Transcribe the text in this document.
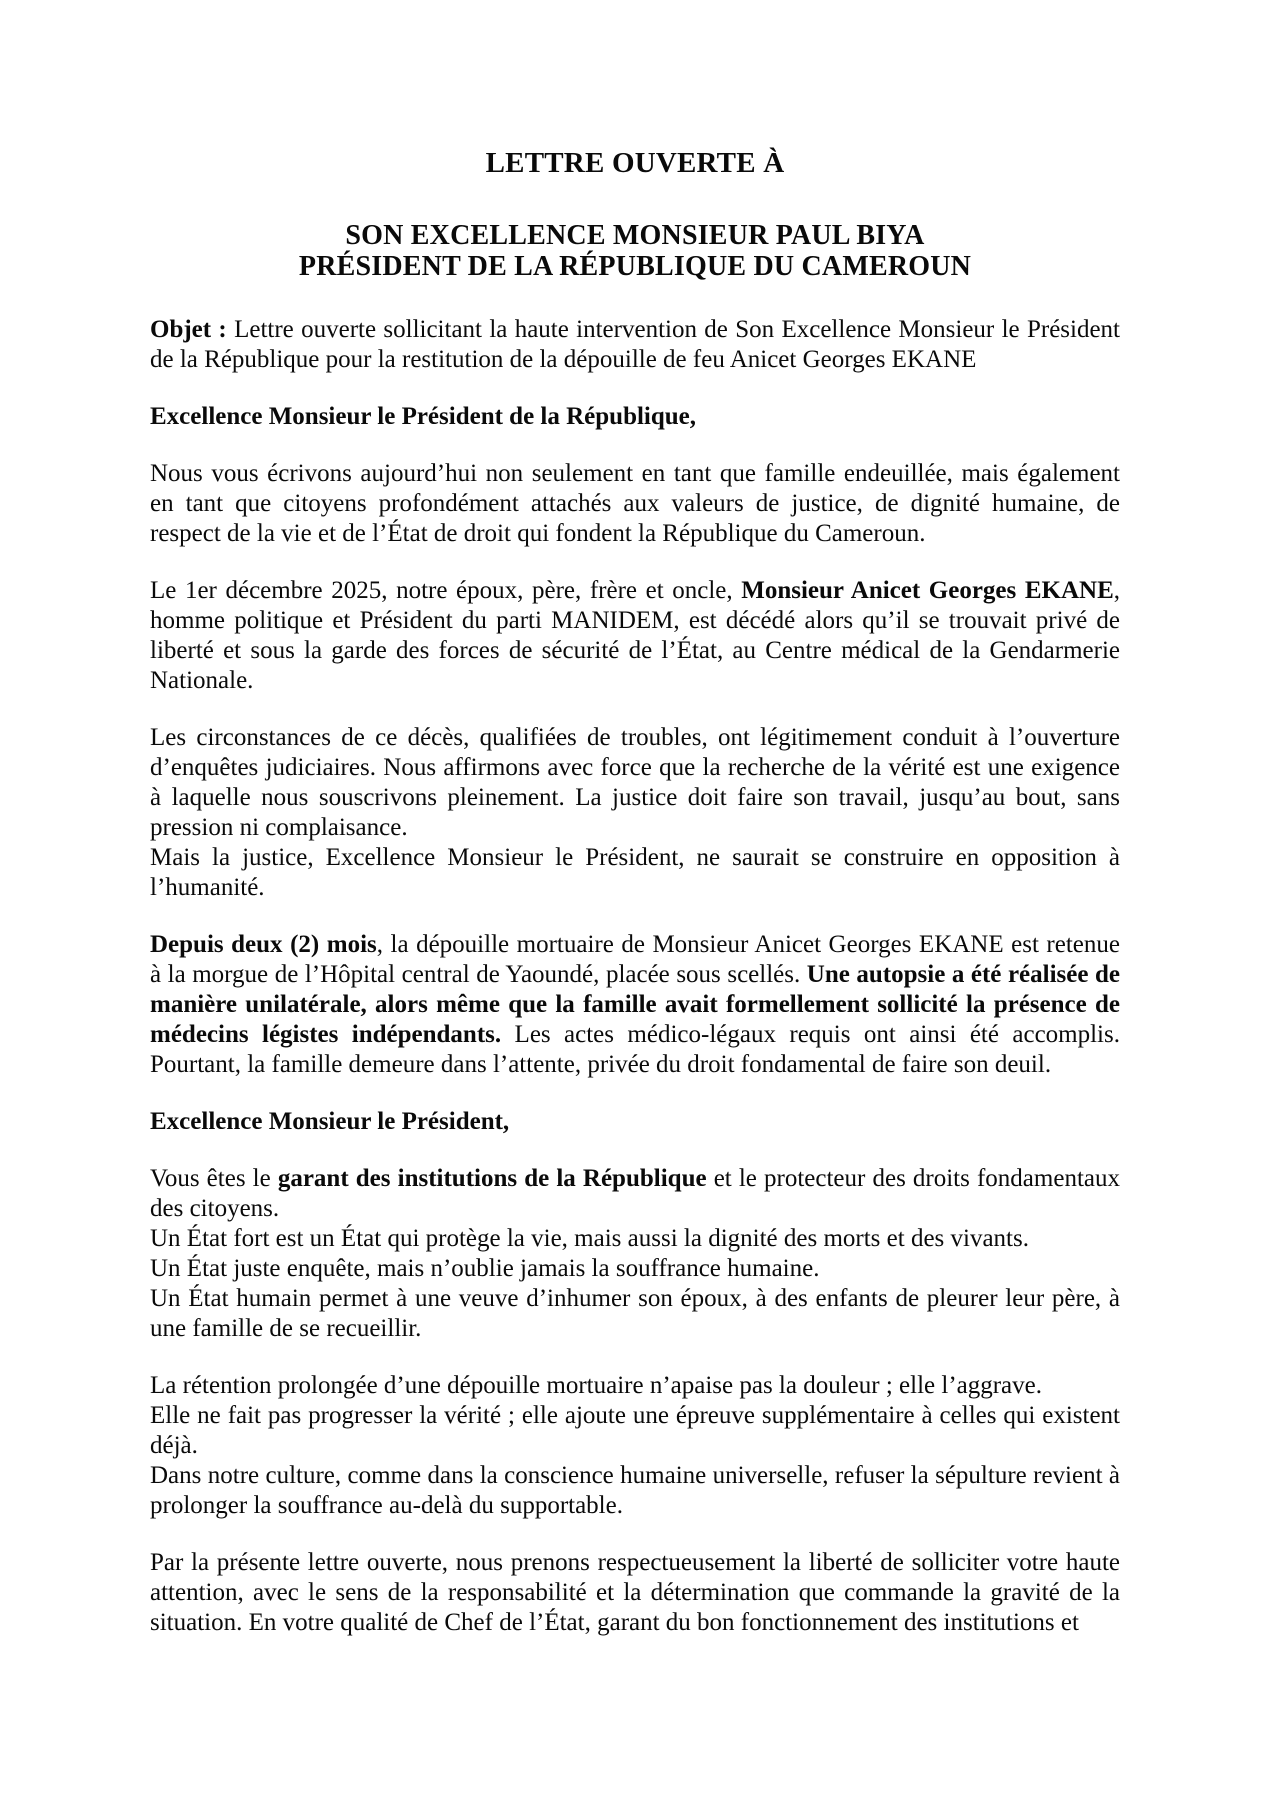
LETTRE OUVERTE À
SON EXCELLENCE MONSIEUR PAUL BIYA
PRÉSIDENT DE LA RÉPUBLIQUE DU CAMEROUN

Objet : Lettre ouverte sollicitant la haute intervention de Son Excellence Monsieur le Président de la République pour la restitution de la dépouille de feu Anicet Georges EKANE

Excellence Monsieur le Président de la République,

Nous vous écrivons aujourd’hui non seulement en tant que famille endeuillée, mais également en tant que citoyens profondément attachés aux valeurs de justice, de dignité humaine, de respect de la vie et de l’État de droit qui fondent la République du Cameroun.

Le 1er décembre 2025, notre époux, père, frère et oncle, Monsieur Anicet Georges EKANE, homme politique et Président du parti MANIDEM, est décédé alors qu’il se trouvait privé de liberté et sous la garde des forces de sécurité de l’État, au Centre médical de la Gendarmerie Nationale.

Les circonstances de ce décès, qualifiées de troubles, ont légitimement conduit à l’ouverture d’enquêtes judiciaires. Nous affirmons avec force que la recherche de la vérité est une exigence à laquelle nous souscrivons pleinement. La justice doit faire son travail, jusqu’au bout, sans pression ni complaisance.
Mais la justice, Excellence Monsieur le Président, ne saurait se construire en opposition à l’humanité.

Depuis deux (2) mois, la dépouille mortuaire de Monsieur Anicet Georges EKANE est retenue à la morgue de l’Hôpital central de Yaoundé, placée sous scellés. Une autopsie a été réalisée de manière unilatérale, alors même que la famille avait formellement sollicité la présence de médecins légistes indépendants. Les actes médico-légaux requis ont ainsi été accomplis. Pourtant, la famille demeure dans l’attente, privée du droit fondamental de faire son deuil.

Excellence Monsieur le Président,

Vous êtes le garant des institutions de la République et le protecteur des droits fondamentaux des citoyens.
Un État fort est un État qui protège la vie, mais aussi la dignité des morts et des vivants.
Un État juste enquête, mais n’oublie jamais la souffrance humaine.
Un État humain permet à une veuve d’inhumer son époux, à des enfants de pleurer leur père, à une famille de se recueillir.

La rétention prolongée d’une dépouille mortuaire n’apaise pas la douleur ; elle l’aggrave.
Elle ne fait pas progresser la vérité ; elle ajoute une épreuve supplémentaire à celles qui existent déjà.
Dans notre culture, comme dans la conscience humaine universelle, refuser la sépulture revient à prolonger la souffrance au-delà du supportable.

Par la présente lettre ouverte, nous prenons respectueusement la liberté de solliciter votre haute attention, avec le sens de la responsabilité et la détermination que commande la gravité de la situation. En votre qualité de Chef de l’État, garant du bon fonctionnement des institutions et
